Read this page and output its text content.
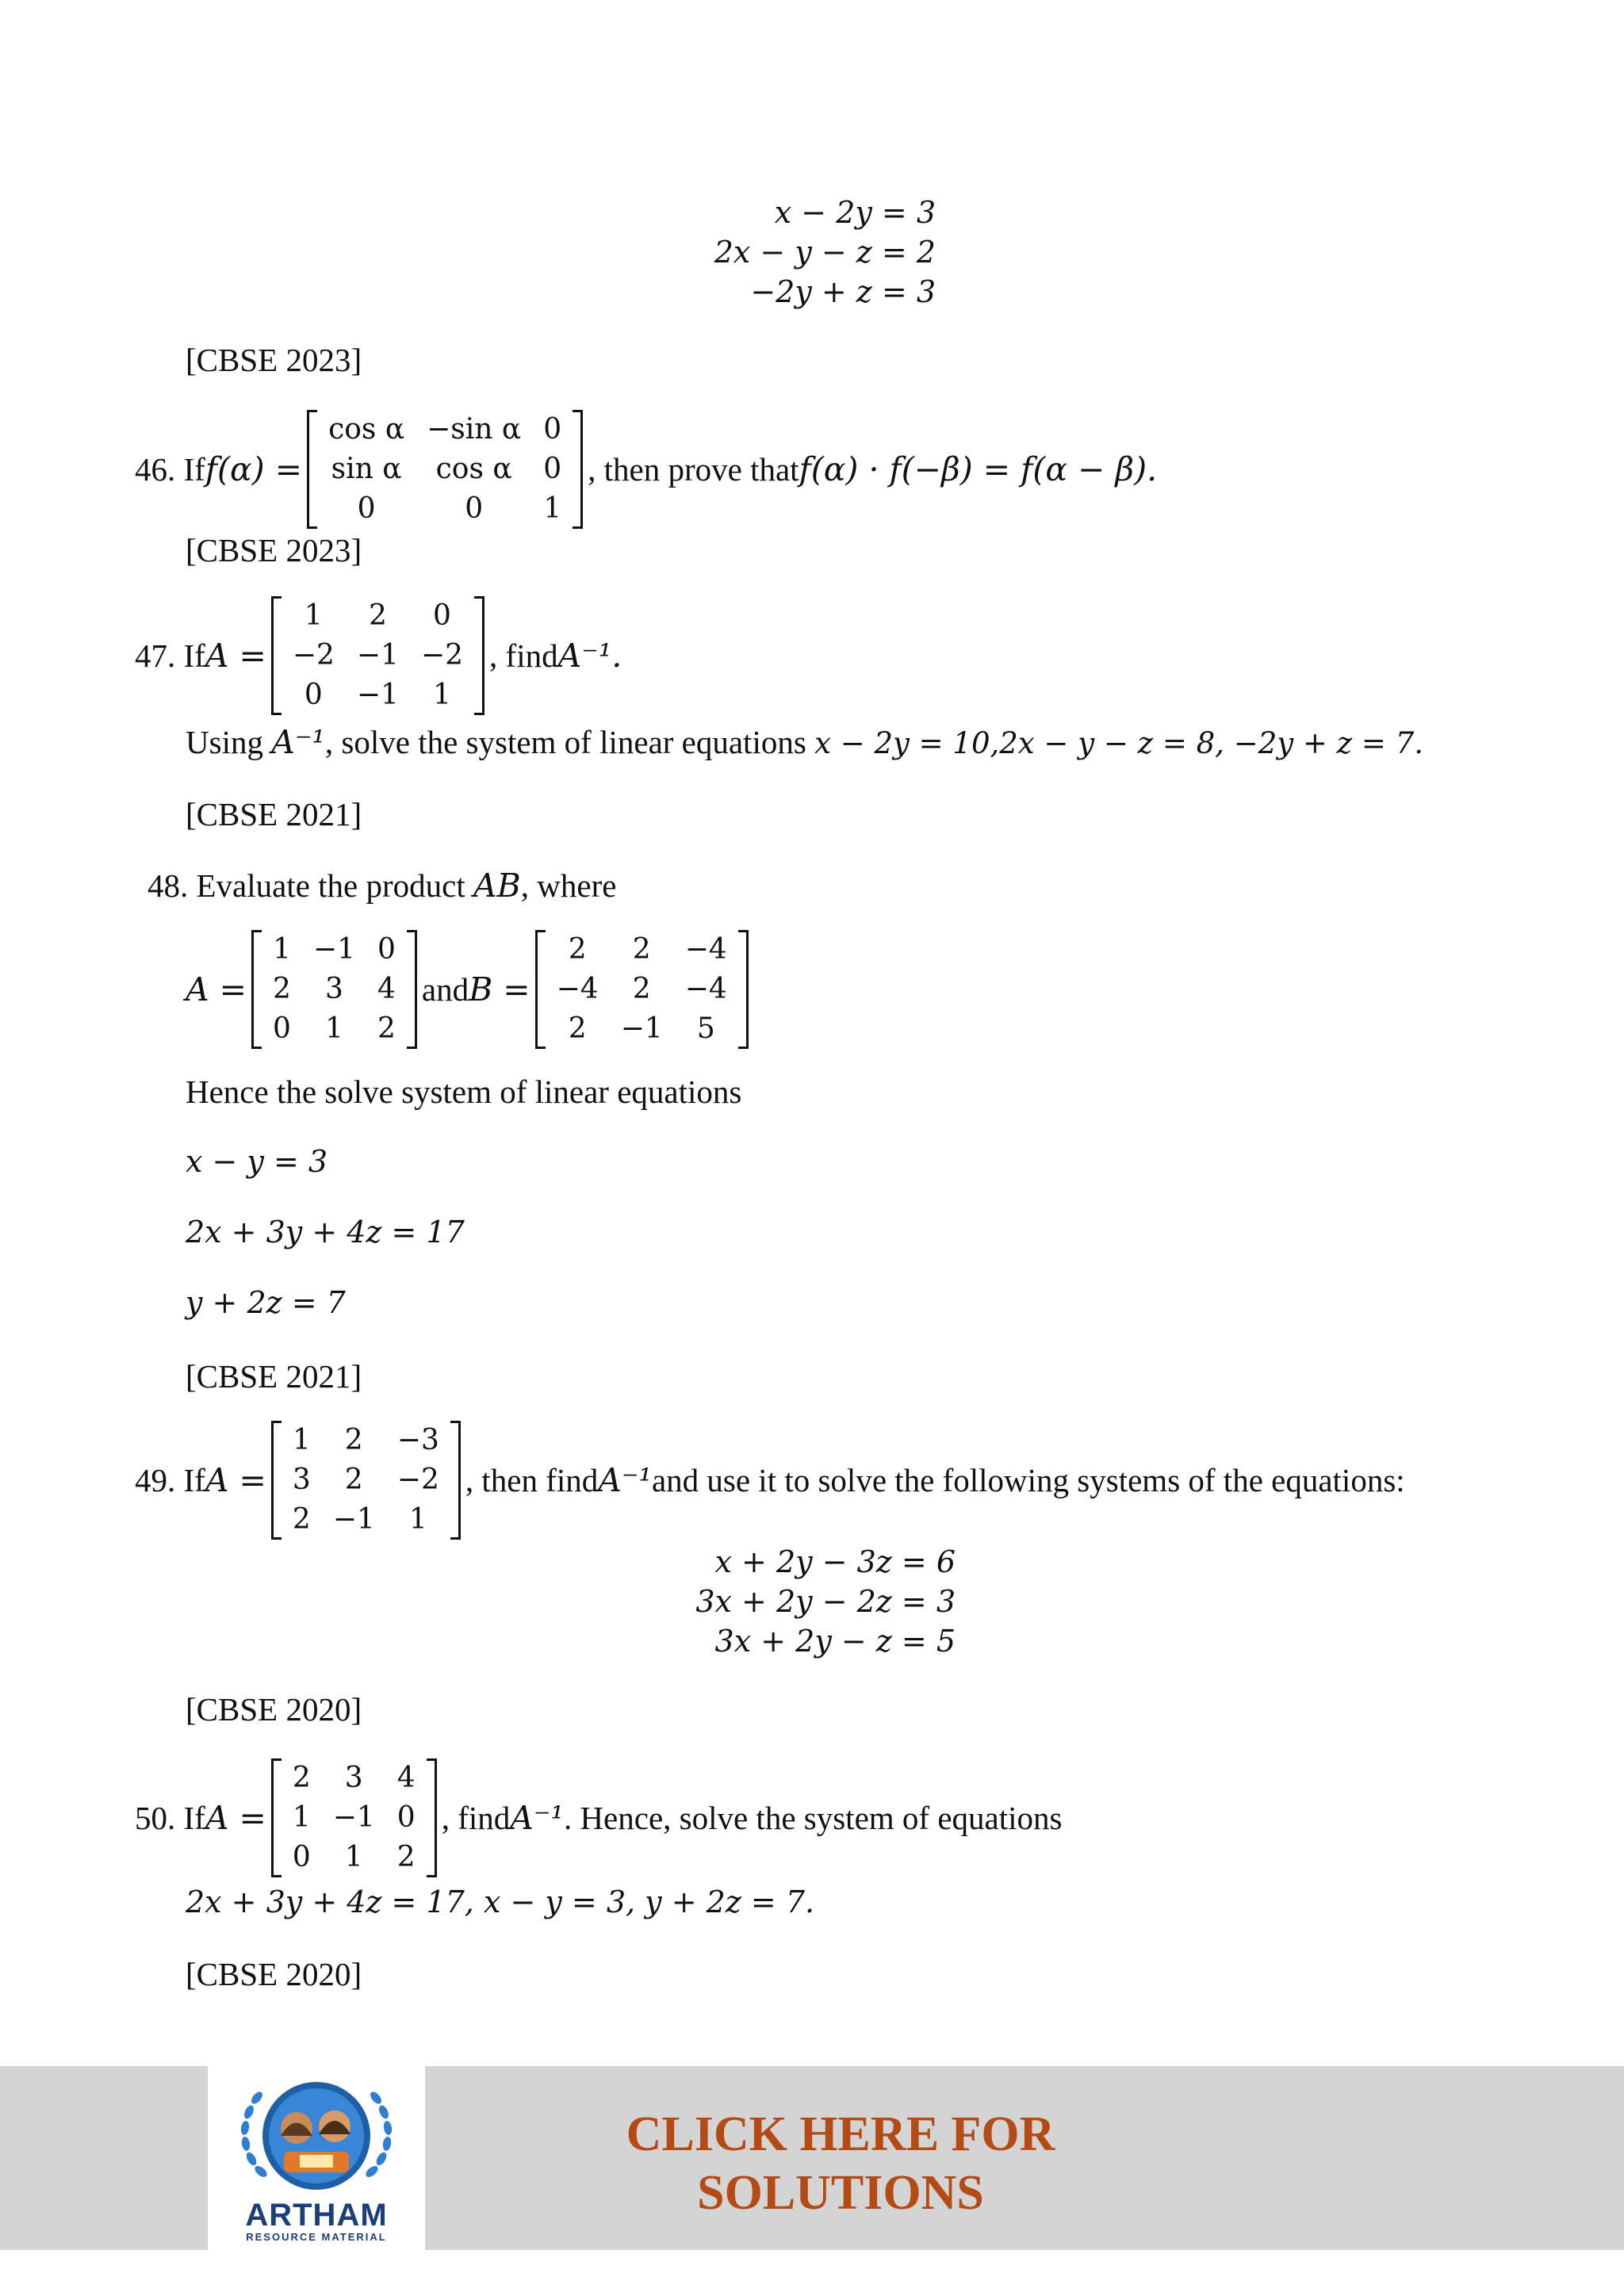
x − 2y = 3
2x − y − z = 2
−2y + z = 3
[CBSE 2023]
46. If f(α) =
cos α −sin α 0
sin α	cos α	0
0	0	1
, then prove that f(α) · f(−β) = f(α − β).
[CBSE 2023]
47. If A =
1	2	0
−2 −1 −2
0	−1	1
, find A⁻¹.
Using A⁻¹, solve the system of linear equations x − 2y = 10,2x − y − z = 8, −2y + z = 7.
[CBSE 2021]
48. Evaluate the product AB, where
A =
1 −1 0
2	3	4
0	1	2
and B =
2	2	−4
−4	2	−4
2	−1	5
Hence the solve system of linear equations
x − y = 3
2x + 3y + 4z = 17
y + 2z = 7
[CBSE 2021]
49. If A =
1	2	−3
3	2	−2
2 −1	1
, then find A⁻¹ and use it to solve the following systems of the equations:
x + 2y − 3z = 6
3x + 2y − 2z = 3
3x + 2y − z = 5
[CBSE 2020]
50. If A =
2	3	4
1 −1 0
0	1	2
, find A⁻¹ . Hence, solve the system of equations
2x + 3y + 4z = 17, x − y = 3, y + 2z = 7.
[CBSE 2020]
ARTHAM
RESOURCE MATERIAL
CLICK HERE FOR
SOLUTIONS
